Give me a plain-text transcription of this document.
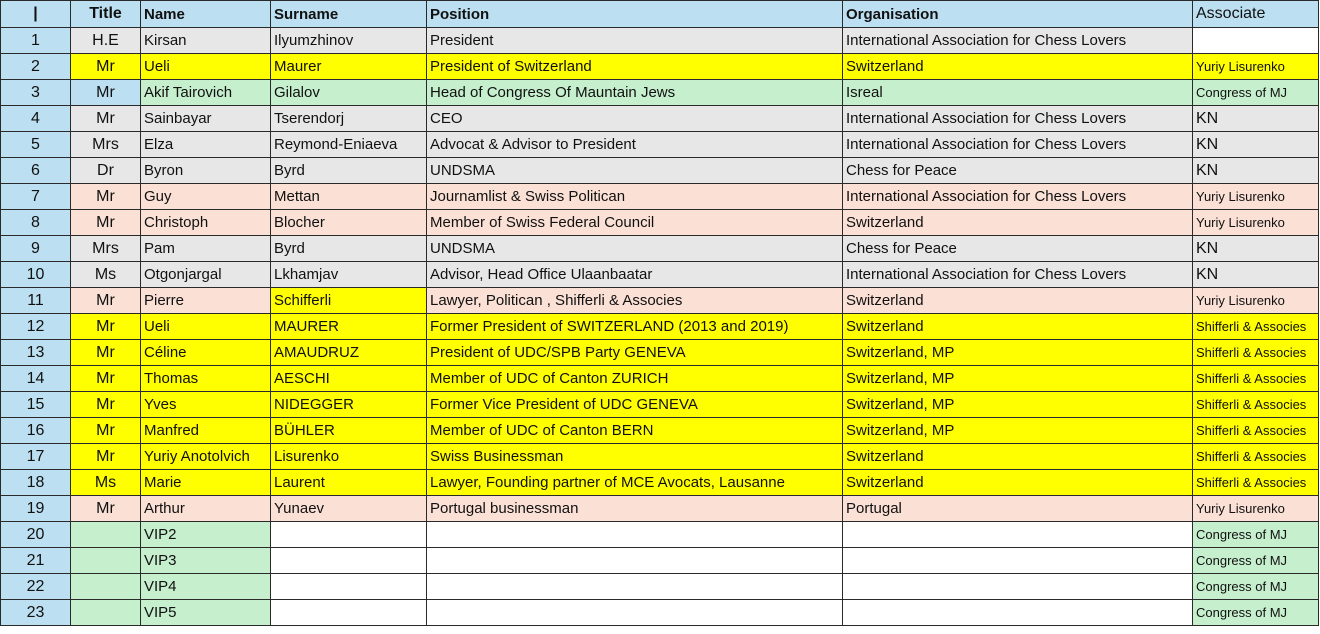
|	Title	Name	Surname	Position	Organisation	Associate
1	H.E	Kirsan	Ilyumzhinov	President	International Association for Chess Lovers	
2	Mr	Ueli	Maurer	President of Switzerland	Switzerland	Yuriy Lisurenko
3	Mr	Akif Tairovich	Gilalov	Head of Congress Of Mauntain Jews	Isreal	Congress of MJ
4	Mr	Sainbayar	Tserendorj	CEO	International Association for Chess Lovers	KN
5	Mrs	Elza	Reymond-Eniaeva	Advocat & Advisor to President	International Association for Chess Lovers	KN
6	Dr	Byron	Byrd	UNDSMA	Chess for Peace	KN
7	Mr	Guy	Mettan	Journamlist & Swiss Politican	International Association for Chess Lovers	Yuriy Lisurenko
8	Mr	Christoph	Blocher	Member of Swiss Federal Council	Switzerland	Yuriy Lisurenko
9	Mrs	Pam	Byrd	UNDSMA	Chess for Peace	KN
10	Ms	Otgonjargal	Lkhamjav	Advisor, Head Office Ulaanbaatar	International Association for Chess Lovers	KN
11	Mr	Pierre	Schifferli	Lawyer, Politican , Shifferli & Associes	Switzerland	Yuriy Lisurenko
12	Mr	Ueli	MAURER	Former President of SWITZERLAND (2013 and 2019)	Switzerland	Shifferli & Associes
13	Mr	Céline	AMAUDRUZ	President of UDC/SPB Party GENEVA	Switzerland, MP	Shifferli & Associes
14	Mr	Thomas	AESCHI	Member of UDC of Canton ZURICH	Switzerland, MP	Shifferli & Associes
15	Mr	Yves	NIDEGGER	Former Vice President of UDC GENEVA	Switzerland, MP	Shifferli & Associes
16	Mr	Manfred	BÜHLER	Member of UDC of Canton BERN	Switzerland, MP	Shifferli & Associes
17	Mr	Yuriy Anotolvich	Lisurenko	Swiss Businessman	Switzerland	Shifferli & Associes
18	Ms	Marie	Laurent	Lawyer, Founding partner of MCE Avocats, Lausanne	Switzerland	Shifferli & Associes
19	Mr	Arthur	Yunaev	Portugal businessman	Portugal	Yuriy Lisurenko
20		VIP2				Congress of MJ
21		VIP3				Congress of MJ
22		VIP4				Congress of MJ
23		VIP5				Congress of MJ
